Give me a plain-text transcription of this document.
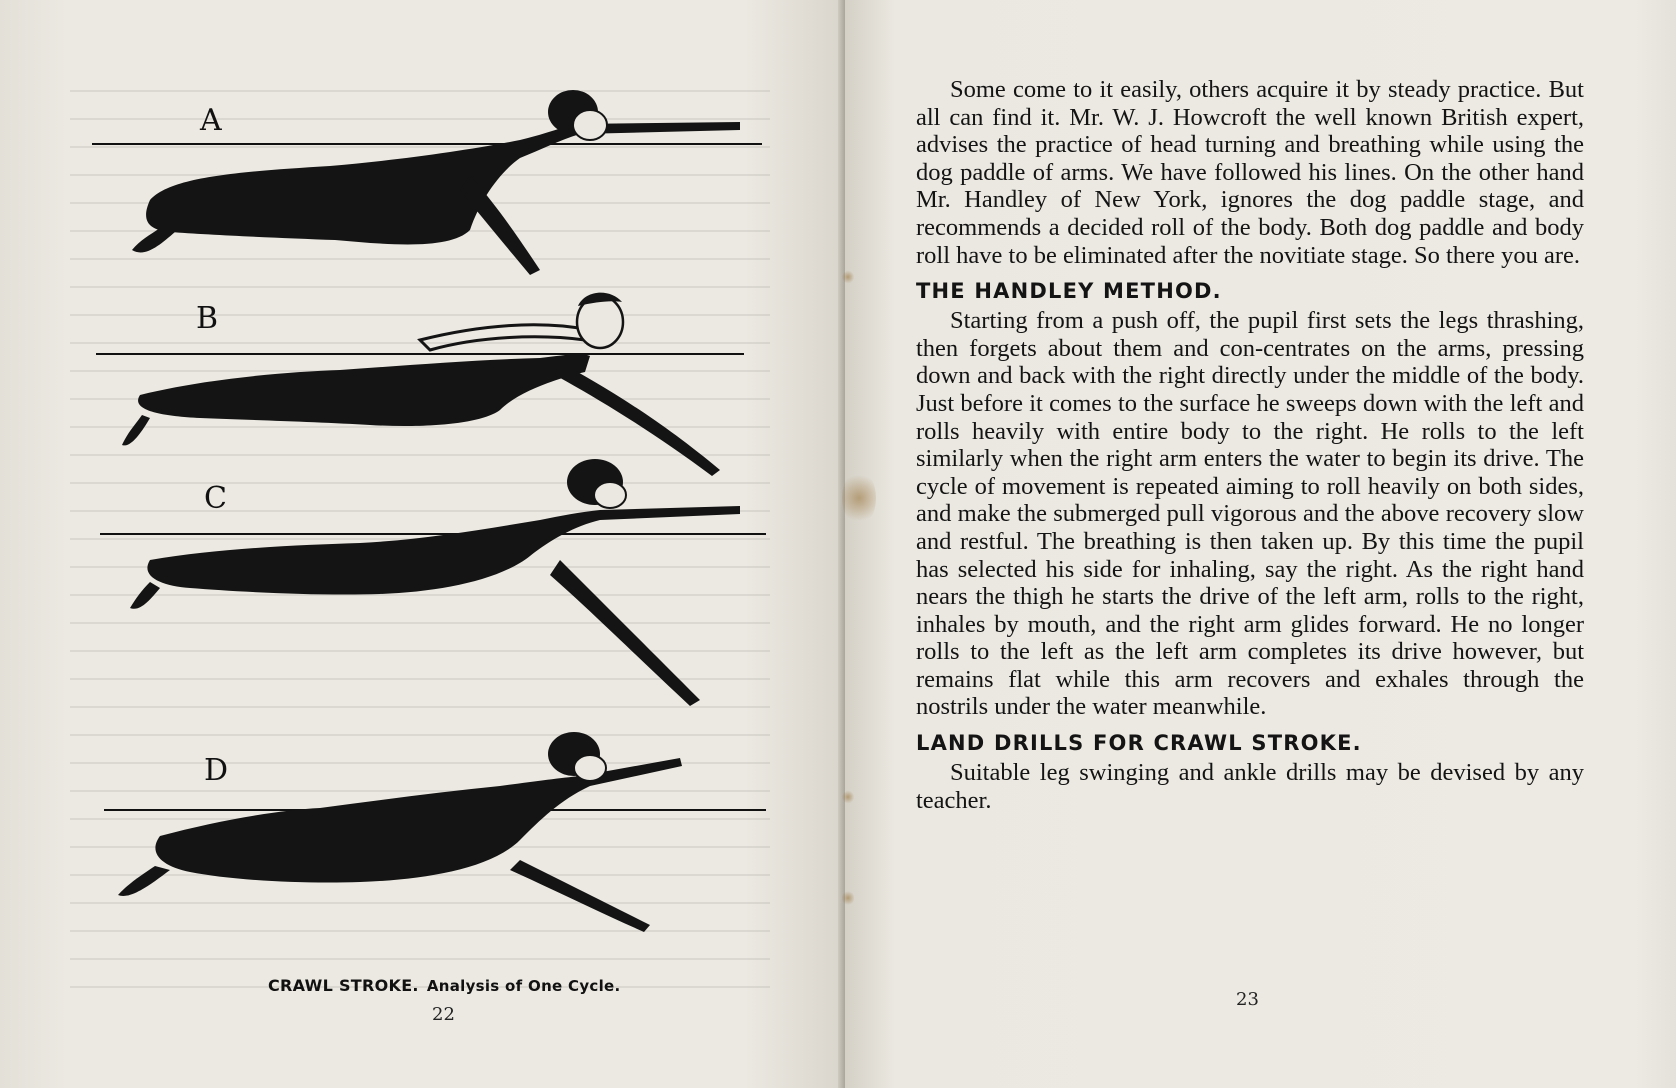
A
B
C
D
CRAWL STROKE. Analysis of One Cycle.
22

Some come to it easily, others acquire it by steady practice. But all can find it. Mr. W. J. Howcroft the well known British expert, advises the practice of head turning and breathing while using the dog paddle of arms. We have followed his lines. On the other hand Mr. Handley of New York, ignores the dog paddle stage, and recommends a decided roll of the body. Both dog paddle and body roll have to be eliminated after the novitiate stage. So there you are.

THE HANDLEY METHOD.

Starting from a push off, the pupil first sets the legs thrashing, then forgets about them and con-centrates on the arms, pressing down and back with the right directly under the middle of the body. Just before it comes to the surface he sweeps down with the left and rolls heavily with entire body to the right. He rolls to the left similarly when the right arm enters the water to begin its drive. The cycle of movement is repeated aiming to roll heavily on both sides, and make the submerged pull vigorous and the above recovery slow and restful. The breathing is then taken up. By this time the pupil has selected his side for inhaling, say the right. As the right hand nears the thigh he starts the drive of the left arm, rolls to the right, inhales by mouth, and the right arm glides forward. He no longer rolls to the left as the left arm completes its drive however, but remains flat while this arm recovers and exhales through the nostrils under the water meanwhile.

LAND DRILLS FOR CRAWL STROKE.

Suitable leg swinging and ankle drills may be devised by any teacher.

23
